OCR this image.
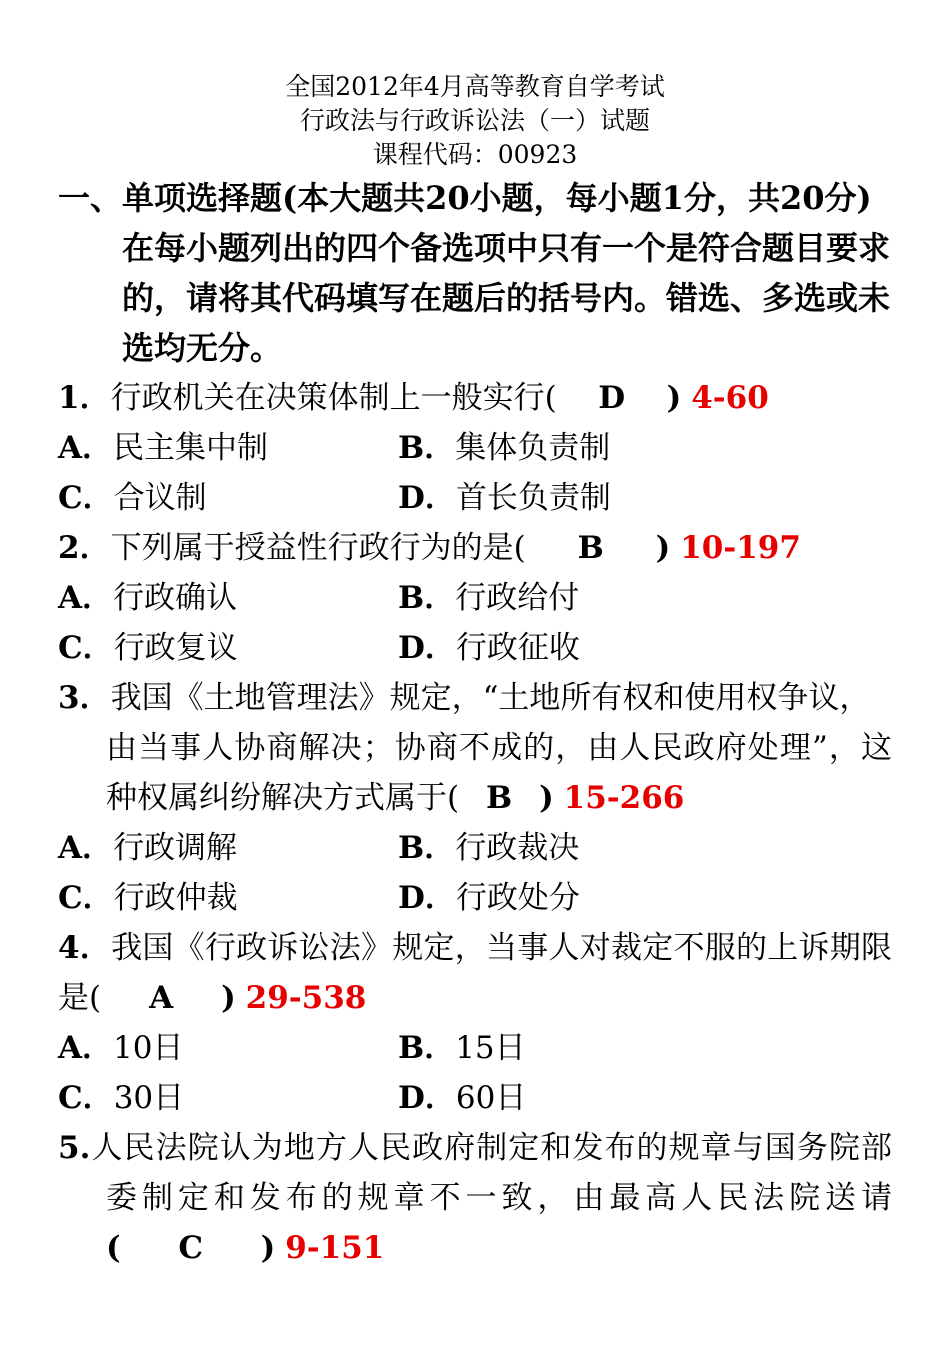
全国2012年4月高等教育自学考试
行政法与行政诉讼法（一）试题
课程代码：00923
一、单项选择题(本大题共20小题，每小题1分，共20分)
在每小题列出的四个备选项中只有一个是符合题目要求
的，请将其代码填写在题后的括号内。错选、多选或未
选均无分。
1．行政机关在决策体制上一般实行( D ) 4-60
A．民主集中制	B．集体负责制
C．合议制	D．首长负责制
2．下列属于授益性行政行为的是( B ) 10-197
A．行政确认	B．行政给付
C．行政复议	D．行政征收
3．我国《土地管理法》规定，“土地所有权和使用权争议，
由当事人协商解决；协商不成的，由人民政府处理”，这
种权属纠纷解决方式属于( B ) 15-266
A．行政调解	B．行政裁决
C．行政仲裁	D．行政处分
4．我国《行政诉讼法》规定，当事人对裁定不服的上诉期限
是( A ) 29-538
A．10日	B．15日
C．30日	D．60日
5.人民法院认为地方人民政府制定和发布的规章与国务院部
委制定和发布的规章不一致，由最高人民法院送请
( C ) 9-151
